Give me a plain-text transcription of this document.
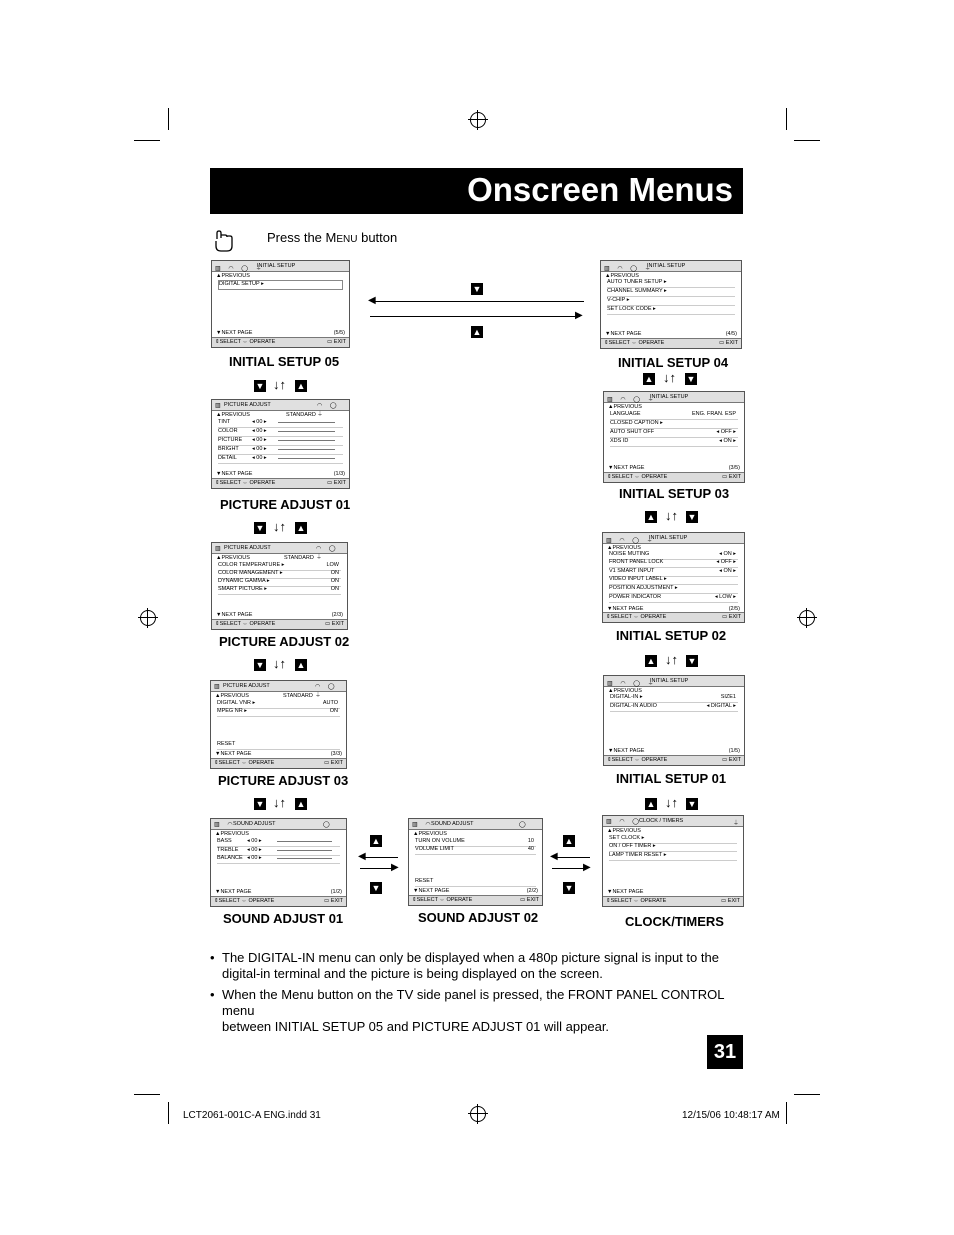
Onscreen Menus
Press the MENU button
▥ ◠ ◯ ⏚
INITIAL SETUP
▲PREVIOUS
DIGITAL SETUP ▸
▼NEXT PAGE	(5/5)
⇕SELECT ⇔ OPERATE	▭ EXIT
INITIAL SETUP 05
▥ ◠ ◯ ⏚
INITIAL SETUP
▲PREVIOUS
AUTO TUNER SETUP ▸
CHANNEL SUMMARY ▸
V-CHIP ▸
SET LOCK CODE ▸
▼NEXT PAGE	(4/5)
⇕SELECT ⇔ OPERATE	▭ EXIT
INITIAL SETUP 04
◀
▶
▼
▲
▼ ↓↑ ▲
▲ ↓↑ ▼
▥ PICTURE ADJUST	◠ ◯ ⏚
▲PREVIOUS	STANDARD
TINT	◂ 00 ▸
COLOR	◂ 00 ▸
PICTURE ◂ 00 ▸
BRIGHT ◂ 00 ▸
DETAIL	◂ 00 ▸
▼NEXT PAGE	(1/3)
⇕SELECT ⇔ OPERATE	▭ EXIT
PICTURE ADJUST 01
▥ ◠ ◯ ⏚
INITIAL SETUP
▲PREVIOUS
LANGUAGE	ENG. FRAN. ESP
CLOSED CAPTION ▸
AUTO SHUT OFF	◂ OFF ▸
XDS ID	◂ ON ▸
▼NEXT PAGE	(3/5)
⇕SELECT ⇔ OPERATE	▭ EXIT
INITIAL SETUP 03
▼ ↓↑ ▲
▲ ↓↑ ▼
▥ PICTURE ADJUST	◠ ◯ ⏚
▲PREVIOUS	STANDARD
COLOR TEMPERATURE ▸	LOW
COLOR MANAGEMENT ▸	ON
DYNAMIC GAMMA ▸	ON
SMART PICTURE ▸	ON
▼NEXT PAGE	(2/3)
⇕SELECT ⇔ OPERATE	▭ EXIT
PICTURE ADJUST 02
▥ ◠ ◯ ⏚
INITIAL SETUP
▲PREVIOUS
NOISE MUTING	◂ ON ▸
FRONT PANEL LOCK	◂ OFF ▸
V1 SMART INPUT	◂ ON ▸
VIDEO INPUT LABEL ▸
POSITION ADJUSTMENT ▸
POWER INDICATOR	◂ LOW ▸
▼NEXT PAGE	(2/5)
⇕SELECT ⇔ OPERATE	▭ EXIT
INITIAL SETUP 02
▼ ↓↑ ▲	▲ ↓↑ ▼
▥ PICTURE ADJUST	◠ ◯ ⏚
▲PREVIOUS	STANDARD
DIGITAL VNR ▸	AUTO
MPEG NR ▸	ON
RESET
▼NEXT PAGE	(3/3)
⇕SELECT ⇔ OPERATE	▭ EXIT
PICTURE ADJUST 03
▥ ◠ ◯ ⏚
INITIAL SETUP
▲PREVIOUS
DIGITAL-IN ▸	SIZE1
DIGITAL-IN AUDIO	◂ DIGITAL ▸
▼NEXT PAGE	(1/5)
⇕SELECT ⇔ OPERATE	▭ EXIT
INITIAL SETUP 01
▼ ↓↑ ▲	▲ ↓↑ ▼
▥ ◠
SOUND ADJUST	◯
▲PREVIOUS
BASS	◂ 00 ▸
TREBLE ◂ 00 ▸
BALANCE ◂ 00 ▸
▼NEXT PAGE	(1/2)
⇕SELECT ⇔ OPERATE	▭ EXIT
SOUND ADJUST 01
▲
◀
▶
▼
▥ ◠
SOUND ADJUST	◯
▲PREVIOUS
TURN ON VOLUME	10
VOLUME LIMIT	40
RESET
▼NEXT PAGE	(2/2)
⇕SELECT ⇔ OPERATE	▭ EXIT
SOUND ADJUST 02
▲
◀
▶
▼
▥ ◠ ◯
CLOCK / TIMERS	⏚
▲PREVIOUS
SET CLOCK ▸
ON / OFF TIMER ▸
LAMP TIMER RESET ▸
▼NEXT PAGE
⇕SELECT ⇔ OPERATE	▭ EXIT
CLOCK/TIMERS
• The DIGITAL-IN menu can only be displayed when a 480p picture signal is input to the
digital-in terminal and the picture is being displayed on the screen.
• When the Menu button on the TV side panel is pressed, the FRONT PANEL CONTROL menu
between INITIAL SETUP 05 and PICTURE ADJUST 01 will appear.
31
LCT2061-001C-A ENG.indd 31	12/15/06 10:48:17 AM
